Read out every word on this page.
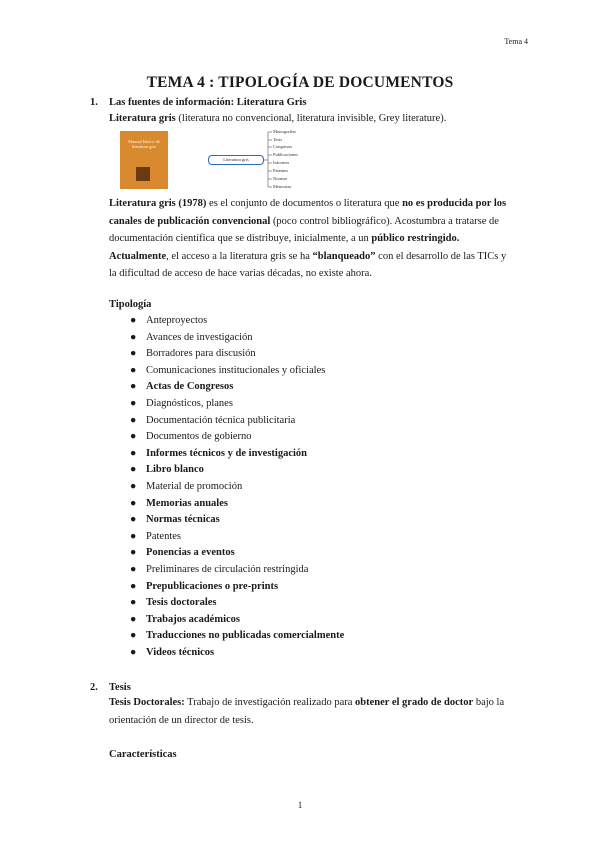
Tema 4
TEMA 4 : TIPOLOGÍA DE DOCUMENTOS
1. Las fuentes de información: Literatura Gris
Literatura gris (literatura no convencional, literatura invisible, Grey literature).
Manual básico de literatura gris
Literatura gris
Monografías
Tesis
Congresos
Publicaciones
Informes
Patentes
Normas
Memorias
Literatura gris (1978) es el conjunto de documentos o literatura que no es producida por los canales de publicación convencional (poco control bibliográfico). Acostumbra a tratarse de documentación científica que se distribuye, inicialmente, a un público restringido.
Actualmente, el acceso a la literatura gris se ha “blanqueado” con el desarrollo de las TICs y la dificultad de acceso de hace varias décadas, no existe ahora.
Tipología
● Anteproyectos
● Avances de investigación
● Borradores para discusión
● Comunicaciones institucionales y oficiales
● Actas de Congresos
● Diagnósticos, planes
● Documentación técnica publicitaria
● Documentos de gobierno
● Informes técnicos y de investigación
● Libro blanco
● Material de promoción
● Memorias anuales
● Normas técnicas
● Patentes
● Ponencias a eventos
● Preliminares de circulación restringida
● Prepublicaciones o pre-prints
● Tesis doctorales
● Trabajos académicos
● Traducciones no publicadas comercialmente
● Videos técnicos
2. Tesis
Tesis Doctorales: Trabajo de investigación realizado para obtener el grado de doctor bajo la orientación de un director de tesis.
Características
1
